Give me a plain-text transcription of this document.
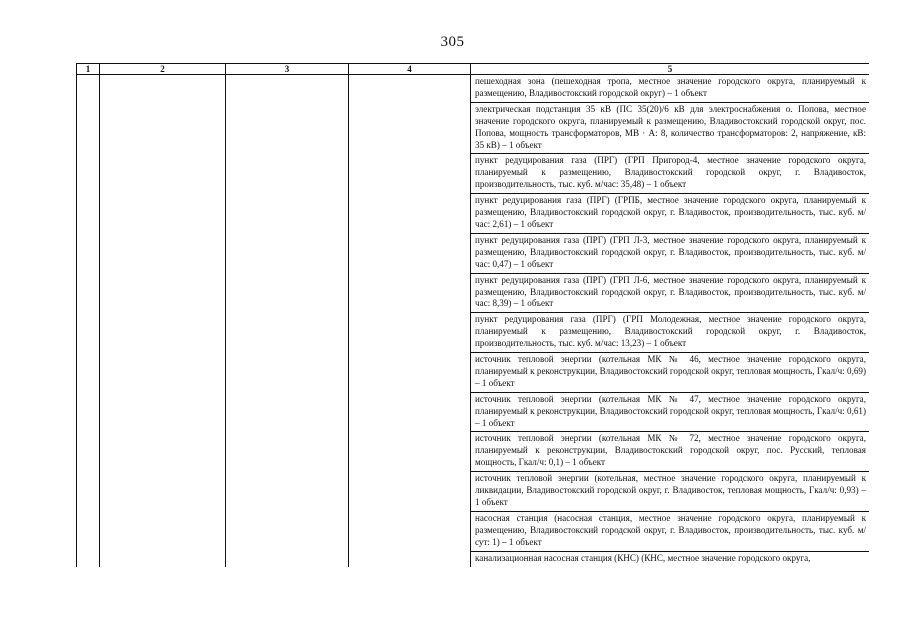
305
1	2	3	4	5
				пешеходная зона (пешеходная тропа, местное значение городского округа, планируемый к размещению, Владивостокский городской округ) – 1 объект
				электрическая подстанция 35 кВ (ПС 35(20)/6 кВ для электроснабжения о. Попова, местное значение городского округа, планируемый к размещению, Владивостокский городской округ, пос. Попова, мощность трансформаторов, МВ · А: 8, количество трансформаторов: 2, напряжение, кВ: 35 кВ) – 1 объект
				пункт редуцирования газа (ПРГ) (ГРП Пригород-4, местное значение городского округа, планируемый к размещению, Владивостокский городской округ, г. Владивосток, производительность, тыс. куб. м/час: 35,48) – 1 объект
				пункт редуцирования газа (ПРГ) (ГРПБ, местное значение городского округа, планируемый к размещению, Владивостокский городской округ, г. Владивосток, производительность, тыс. куб. м/час: 2,61) – 1 объект
				пункт редуцирования газа (ПРГ) (ГРП Л-3, местное значение городского округа, планируемый к размещению, Владивостокский городской округ, г. Владивосток, производительность, тыс. куб. м/час: 0,47) – 1 объект
				пункт редуцирования газа (ПРГ) (ГРП Л-6, местное значение городского округа, планируемый к размещению, Владивостокский городской округ, г. Владивосток, производительность, тыс. куб. м/час: 8,39) – 1 объект
				пункт редуцирования газа (ПРГ) (ГРП Молодежная, местное значение городского округа, планируемый к размещению, Владивостокский городской округ, г. Владивосток, производительность, тыс. куб. м/час: 13,23) – 1 объект
				источник тепловой энергии (котельная МК № 46, местное значение городского округа, планируемый к реконструкции, Владивостокский городской округ, тепловая мощность, Гкал/ч: 0,69) – 1 объект
				источник тепловой энергии (котельная МК № 47, местное значение городского округа, планируемый к реконструкции, Владивостокский городской округ, тепловая мощность, Гкал/ч: 0,61) – 1 объект
				источник тепловой энергии (котельная МК № 72, местное значение городского округа, планируемый к реконструкции, Владивостокский городской округ, пос. Русский, тепловая мощность, Гкал/ч: 0,1) – 1 объект
				источник тепловой энергии (котельная, местное значение городского округа, планируемый к ликвидации, Владивостокский городской округ, г. Владивосток, тепловая мощность, Гкал/ч: 0,93) – 1 объект
				насосная станция (насосная станция, местное значение городского округа, планируемый к размещению, Владивостокский городской округ, г. Владивосток, производительность, тыс. куб. м/сут: 1) – 1 объект
				канализационная насосная станция (КНС) (КНС, местное значение городского округа,
